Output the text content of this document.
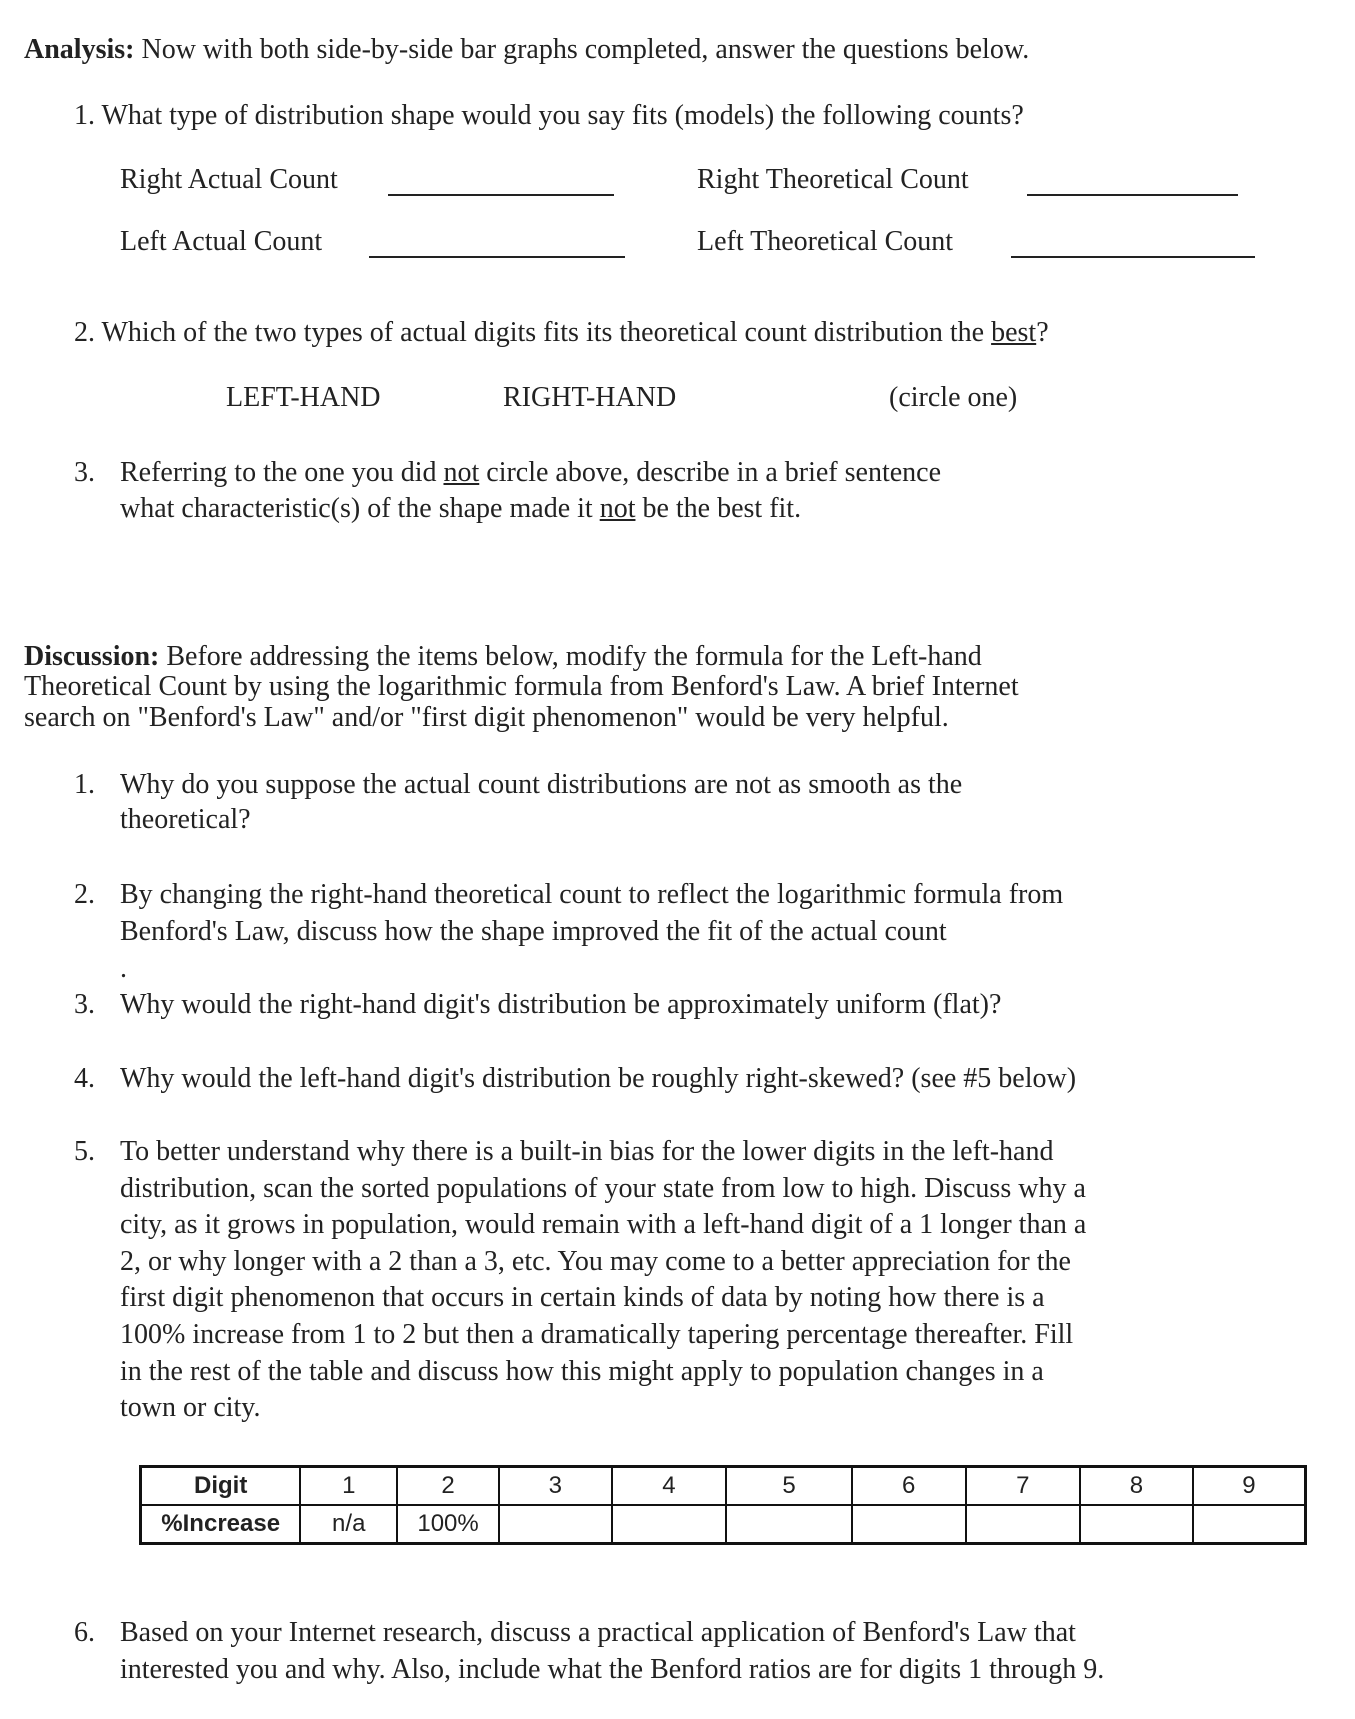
Analysis: Now with both side-by-side bar graphs completed, answer the questions below.
1. What type of distribution shape would you say fits (models) the following counts?
Right Actual Count	Right Theoretical Count
Left Actual Count	Left Theoretical Count
2. Which of the two types of actual digits fits its theoretical count distribution the best?
LEFT-HAND	RIGHT-HAND	(circle one)
3. Referring to the one you did not circle above, describe in a brief sentence
what characteristic(s) of the shape made it not be the best fit.
Discussion: Before addressing the items below, modify the formula for the Left-hand
Theoretical Count by using the logarithmic formula from Benford's Law. A brief Internet
search on "Benford's Law" and/or "first digit phenomenon" would be very helpful.
1. Why do you suppose the actual count distributions are not as smooth as the
theoretical?
2. By changing the right-hand theoretical count to reflect the logarithmic formula from
Benford's Law, discuss how the shape improved the fit of the actual count
.
3. Why would the right-hand digit's distribution be approximately uniform (flat)?
4. Why would the left-hand digit's distribution be roughly right-skewed? (see #5 below)
5. To better understand why there is a built-in bias for the lower digits in the left-hand
distribution, scan the sorted populations of your state from low to high. Discuss why a
city, as it grows in population, would remain with a left-hand digit of a 1 longer than a
2, or why longer with a 2 than a 3, etc. You may come to a better appreciation for the
first digit phenomenon that occurs in certain kinds of data by noting how there is a
100% increase from 1 to 2 but then a dramatically tapering percentage thereafter. Fill
in the rest of the table and discuss how this might apply to population changes in a
town or city.
6. Based on your Internet research, discuss a practical application of Benford's Law that
interested you and why. Also, include what the Benford ratios are for digits 1 through 9.
Digit	1	2	3	4	5	6	7	8	9
%Increase	n/a	100%							
